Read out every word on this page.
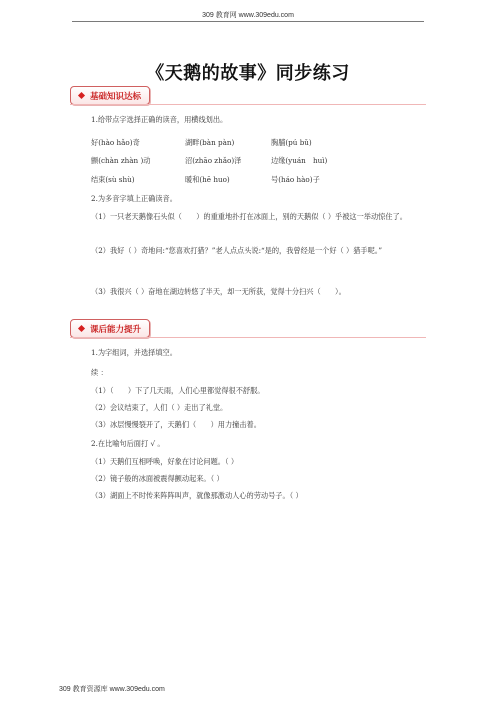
309 教育网 www.309edu.com
《天鹅的故事》同步练习
基础知识达标
1.给带点字选择正确的读音，用横线划出。
好(hào hǎo)奇	湖畔(bàn pàn)	胸脯(pú bǔ)
颤(chàn zhàn )动	沼(zhāo zhǎo)泽	边缘(yuán　huì)
结束(sù shù)	暖和(hē huo)	号(háo hào)子
2.为多音字填上正确读音。
（1）一只老天鹅像石头似（　　）的重重地扑打在冰面上，别的天鹅似（ ）乎被这一举动惊住了。
（2）我好（ ）奇地问:“您喜欢打猎？”老人点点头说:“是的，我曾经是一个好（ ）猎手呢。”
（3）我很兴（ ）奋地在湖边转悠了半天，却一无所获，觉得十分扫兴（　　）。
课后能力提升
1.为字组词，并选择填空。
续 ：
（1）（　　）下了几天雨，人们心里都觉得很不舒服。
（2）会议结束了，人们（ ）走出了礼堂。
（3）冰层慢慢裂开了，天鹅们（　　）用力撞击着。
2.在比喻句后面打 √ 。
（1）天鹅们互相呼唤，好象在讨论问题。（ ）
（2）镜子般的冰面被震得颤动起来。（ ）
（3）湖面上不时传来阵阵叫声，就像那激动人心的劳动号子。（ ）
309 教育资源库 www.309edu.com
